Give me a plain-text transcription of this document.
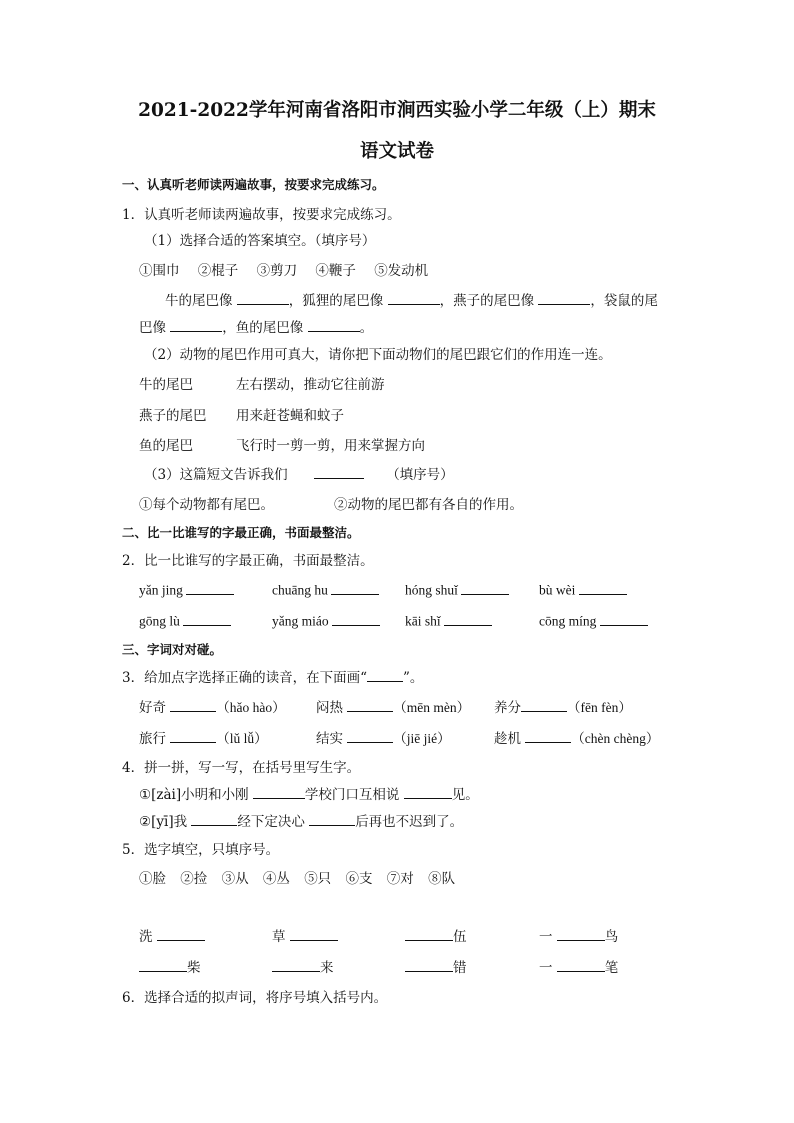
2021-2022学年河南省洛阳市涧西实验小学二年级（上）期末
语文试卷
一、认真听老师读两遍故事，按要求完成练习。
1．认真听老师读两遍故事，按要求完成练习。
（1）选择合适的答案填空。（填序号）
①围巾 ②棍子 ③剪刀 ④鞭子 ⑤发动机
牛的尾巴像	，狐狸的尾巴像	，燕子的尾巴像	，袋鼠的尾
巴像	，鱼的尾巴像	。
（2）动物的尾巴作用可真大，请你把下面动物们的尾巴跟它们的作用连一连。
牛的尾巴	左右摆动，推动它往前游
燕子的尾巴 用来赶苍蝇和蚊子
鱼的尾巴	飞行时一剪一剪，用来掌握方向
（3）这篇短文告诉我们	（填序号）
①每个动物都有尾巴。	②动物的尾巴都有各自的作用。
二、比一比谁写的字最正确，书面最整洁。
2．比一比谁写的字最正确，书面最整洁。
yǎn jing	chuāng hu	hóng shuǐ	bù wèi
gōng lù	yǎng miáo	kāi shǐ	cōng míng
三、字词对对碰。
3．给加点字选择正确的读音，在下面画“	”。
好奇	（hǎo hào） 闷热	（mēn mèn） 养分	（fēn fèn）
旅行	（lǔ lǚ）	结实	（jiē jié）	趁机	（chèn chèng）
4．拼一拼，写一写，在括号里写生字。
①[zài]小明和小刚	学校门口互相说	见。
②[yī]我	经下定决心	后再也不迟到了。
5．选字填空，只填序号。
①脸 ②捡 ③从 ④丛 ⑤只 ⑥支 ⑦对 ⑧队
洗	草	伍	一	鸟
柴	来	错	一	笔
6．选择合适的拟声词，将序号填入括号内。
